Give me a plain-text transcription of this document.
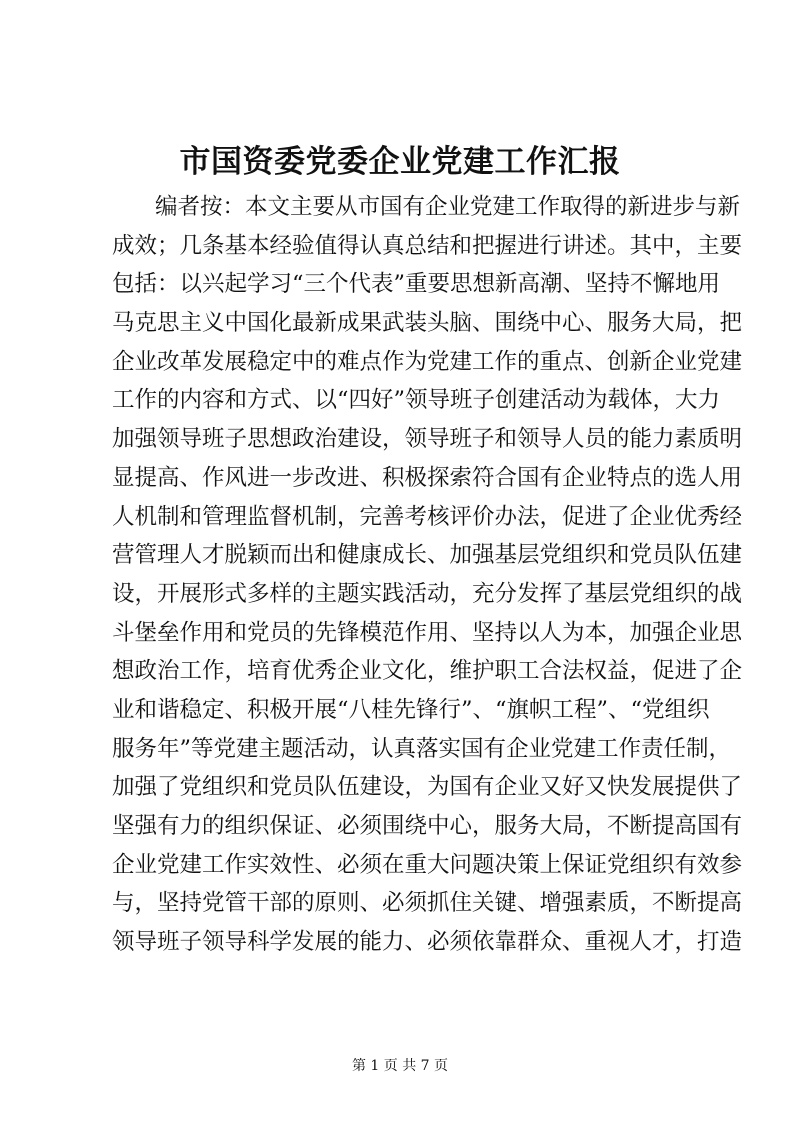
市国资委党委企业党建工作汇报
编者按：本文主要从市国有企业党建工作取得的新进步与新
成效；几条基本经验值得认真总结和把握进行讲述。其中，主要
包括：以兴起学习“三个代表”重要思想新高潮、坚持不懈地用
马克思主义中国化最新成果武装头脑、围绕中心、服务大局，把
企业改革发展稳定中的难点作为党建工作的重点、创新企业党建
工作的内容和方式、以“四好”领导班子创建活动为载体，大力
加强领导班子思想政治建设，领导班子和领导人员的能力素质明
显提高、作风进一步改进、积极探索符合国有企业特点的选人用
人机制和管理监督机制，完善考核评价办法，促进了企业优秀经
营管理人才脱颖而出和健康成长、加强基层党组织和党员队伍建
设，开展形式多样的主题实践活动，充分发挥了基层党组织的战
斗堡垒作用和党员的先锋模范作用、坚持以人为本，加强企业思
想政治工作，培育优秀企业文化，维护职工合法权益，促进了企
业和谐稳定、积极开展“八桂先锋行”、“旗帜工程”、“党组织
服务年”等党建主题活动，认真落实国有企业党建工作责任制，
加强了党组织和党员队伍建设，为国有企业又好又快发展提供了
坚强有力的组织保证、必须围绕中心，服务大局，不断提高国有
企业党建工作实效性、必须在重大问题决策上保证党组织有效参
与，坚持党管干部的原则、必须抓住关键、增强素质，不断提高
领导班子领导科学发展的能力、必须依靠群众、重视人才，打造
第 1 页 共 7 页
